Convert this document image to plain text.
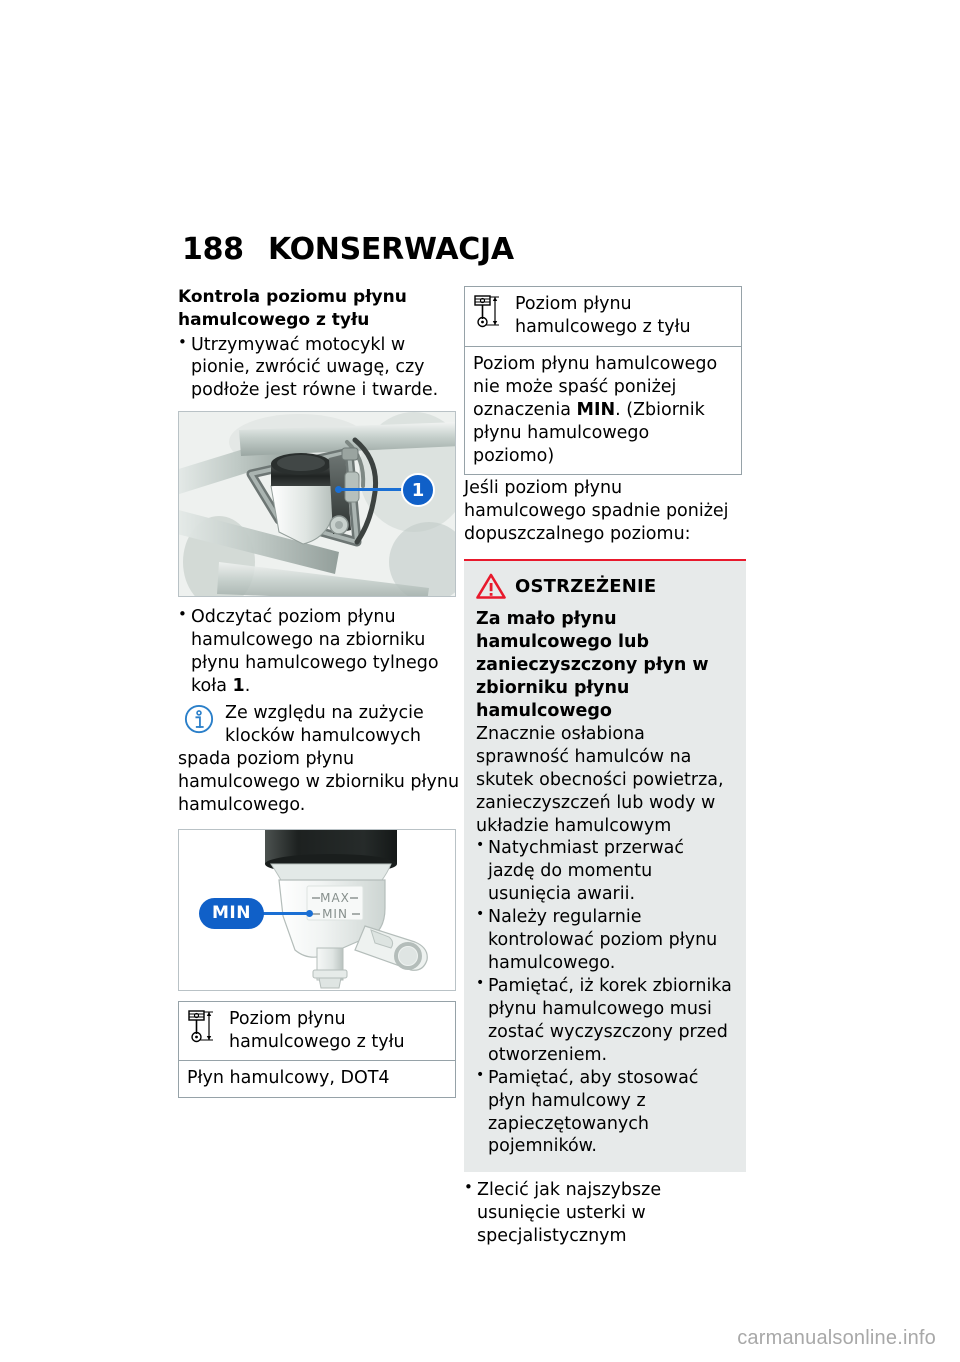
188 KONSERWACJA
Kontrola poziomu płynu
hamulcowego z tyłu
• Utrzymywać motocykl w pionie, zwrócić uwagę, czy podłoże jest równe i twarde.
1
• Odczytać poziom płynu hamulcowego na zbiorniku płynu hamulcowego tylnego koła 1.
Ze względu na zużycie klocków hamulcowych
spada poziom płynu hamulcowego w zbiorniku płynu hamulcowego.
MAX
MIN
MIN
Poziom płynu hamulcowego z tyłu
Płyn hamulcowy, DOT4
Poziom płynu hamulcowego z tyłu
Poziom płynu hamulcowego nie może spaść poniżej oznaczenia MIN. (Zbiornik płynu hamulcowego poziomo)

Jeśli poziom płynu hamulcowego spadnie poniżej dopuszczalnego poziomu:

OSTRZEŻENIE

Za mało płynu hamulcowego lub zanieczyszczony płyn w zbiorniku płynu hamulcowego

Znacznie osłabiona sprawność hamulców na skutek obecności powietrza, zanieczyszczeń lub wody w układzie hamulcowym

• Natychmiast przerwać jazdę do momentu usunięcia awarii.
• Należy regularnie kontrolować poziom płynu hamulcowego.
• Pamiętać, iż korek zbiornika płynu hamulcowego musi zostać wyczyszczony przed otworzeniem.
• Pamiętać, aby stosować płyn hamulcowy z zapieczętowanych pojemników.
• Zlecić jak najszybsze usunięcie usterki w specjalistycznym
carmanualsonline.info
